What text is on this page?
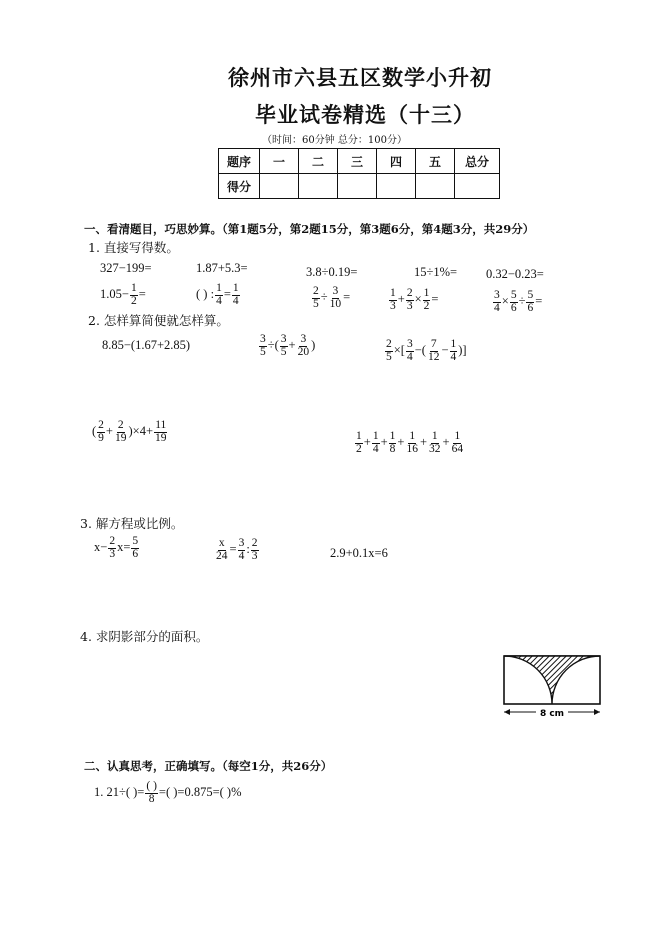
徐州市六县五区数学小升初
毕业试卷精选（十三）
（时间：60分钟 总分：100分）
题序	一	二	三	四	五	总分
得分						
一、看清题目，巧思妙算。（第1题5分，第2题15分，第3题6分，第4题3分，共29分）
1. 直接写得数。
327−199=	1.87+5.3=	3.8÷0.19=	15÷1%= 0.32−0.23=
$1.05- \frac{1}{2}$ =	( ) : $\frac{1}{4} = \frac{1}{4}$	$\frac{2}{5} \div \frac{3}{10}$ =	$\frac{1}{3} + \frac{2}{3} \times \frac{1}{2}$ =	$\frac{3}{4} \times \frac{5}{6} \div \frac{5}{6}$ =
2. 怎样算简便就怎样算。
8.85−(1.67+2.85)	$\frac{3}{5}$ ÷( $\frac{3}{5} + \frac{3}{20}$ )	$\frac{2}{5}$ ×[ $\frac{3}{4}$ −( $\frac{7}{12} - \frac{1}{4}$ )]
( $\frac{2}{9} + \frac{2}{19} )\times 4+ \frac{11}{19}$	$\frac{1}{2} + \frac{1}{4} + \frac{1}{8} + \frac{1}{16} + \frac{1}{32} + \frac{1}{64}$
3. 解方程或比例。
$x- \frac{2}{3} x= \frac{5}{6}$	$\frac{x}{24} = \frac{3}{4}$ : $\frac{2}{3}$	2.9+0.1x=6
4. 求阴影部分的面积。
8 cm
二、认真思考，正确填写。（每空1分，共26分）
1. 21÷( )= $\frac{( )}{8}$ =( )=0.875=( )%
